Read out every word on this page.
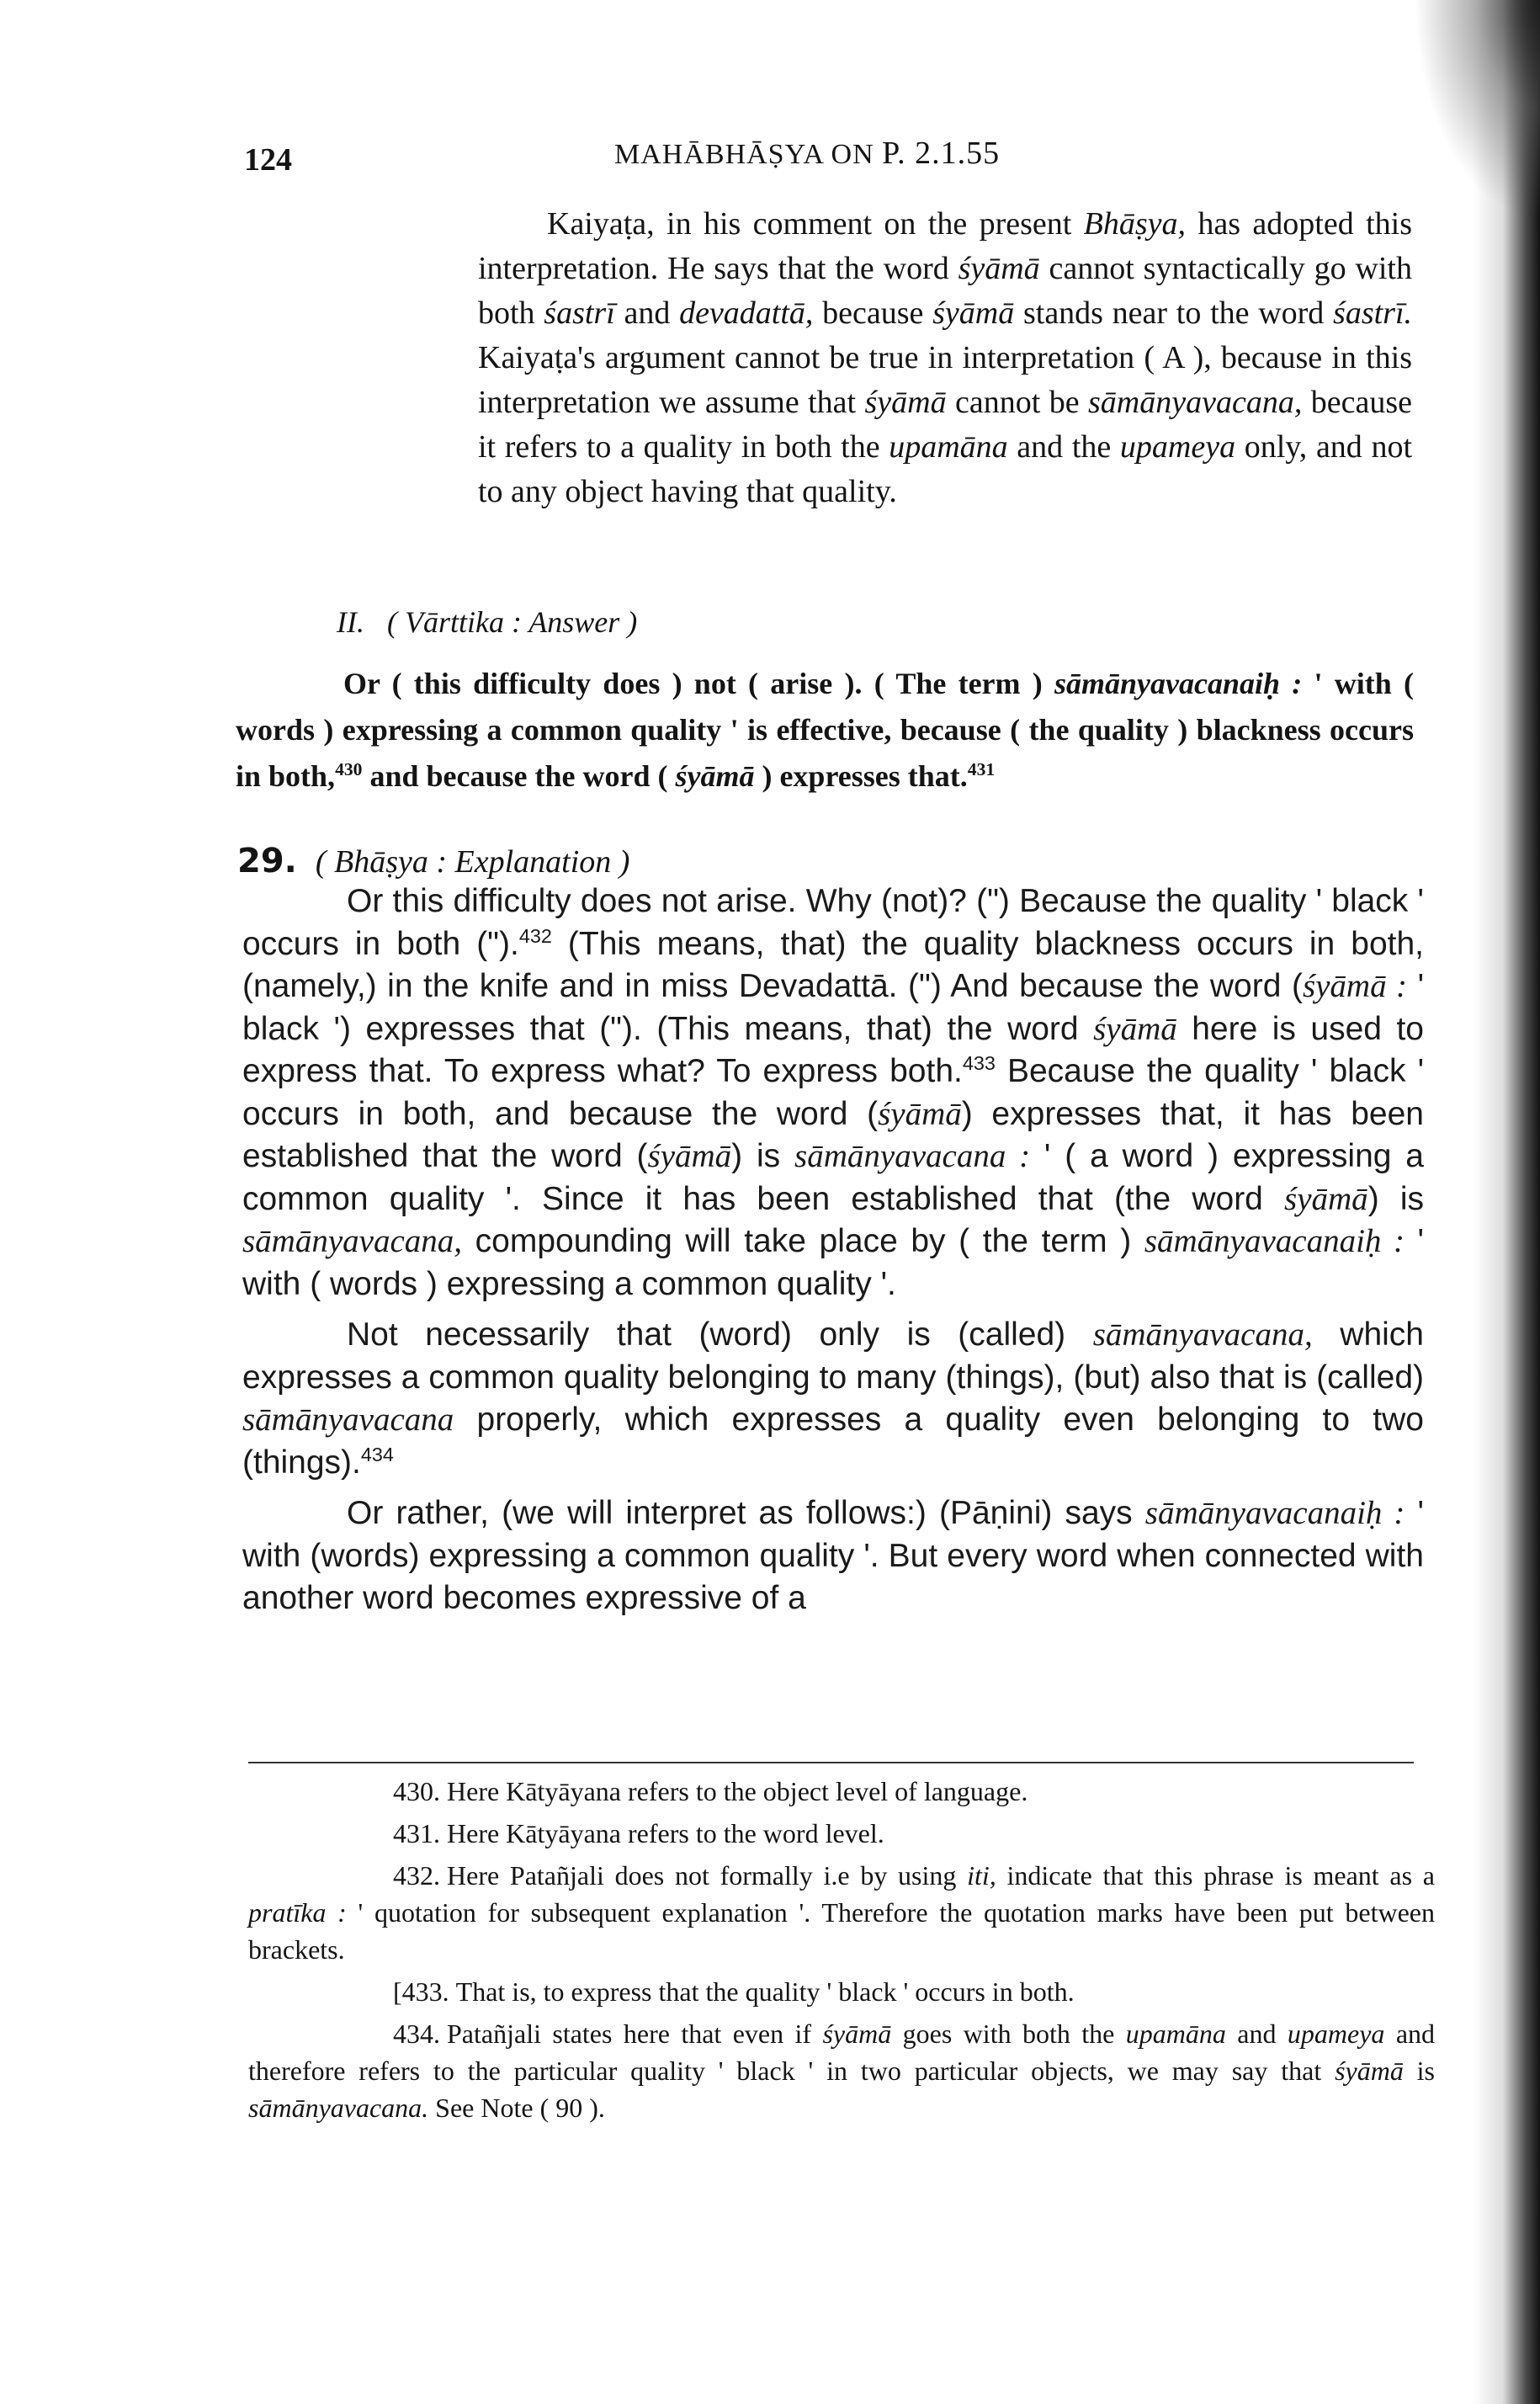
124	MAHĀBHĀṢYA ON P. 2.1.55
Kaiyaṭa, in his comment on the present Bhāṣya, has adopted this interpretation. He says that the word śyāmā cannot syntactically go with both śastrī and devadattā, because śyāmā stands near to the word śastrī. Kaiyaṭa's argument cannot be true in interpretation ( A ), because in this interpretation we assume that śyāmā cannot be sāmānyavacana, because it refers to a quality in both the upamāna and the upameya only, and not to any object having that quality.
II. ( Vārttika : Answer )
Or ( this difficulty does ) not ( arise ). ( The term ) sāmānyavacanaiḥ : ' with ( words ) expressing a common quality ' is effective, because ( the quality ) blackness occurs in both,$^{430}$ and because the word ( śyāmā ) expresses that.$^{431}$
29. ( Bhāṣya : Explanation )

Or this difficulty does not arise. Why (not)? (") Because the quality ' black ' occurs in both (").$^{432}$ (This means, that) the quality blackness occurs in both, (namely,) in the knife and in miss Devadattā. (") And because the word (śyāmā : ' black ') expresses that ("). (This means, that) the word śyāmā here is used to express that. To express what? To express both.$^{433}$ Because the quality ' black ' occurs in both, and because the word (śyāmā) expresses that, it has been established that the word (śyāmā) is sāmānyavacana : ' ( a word ) expressing a common quality '. Since it has been established that (the word śyāmā) is sāmānyavacana, compounding will take place by ( the term ) sāmānyavacanaiḥ : ' with ( words ) expressing a common quality '.

Not necessarily that (word) only is (called) sāmānyavacana, which expresses a common quality belonging to many (things), (but) also that is (called) sāmānyavacana properly, which expresses a quality even belonging to two (things).$^{434}$

Or rather, (we will interpret as follows:) (Pāṇini) says sāmānyavacanaiḥ : ' with (words) expressing a common quality '. But every word when connected with another word becomes expressive of a

430. Here Kātyāyana refers to the object level of language.

431. Here Kātyāyana refers to the word level.

432. Here Patañjali does not formally i.e by using iti, indicate that this phrase is meant as a pratīka : ' quotation for subsequent explanation '. Therefore the quotation marks have been put between brackets.

[433. That is, to express that the quality ' black ' occurs in both.

434. Patañjali states here that even if śyāmā goes with both the upamāna and upameya and therefore refers to the particular quality ' black ' in two particular objects, we may say that śyāmā is sāmānyavacana. See Note ( 90 ).
